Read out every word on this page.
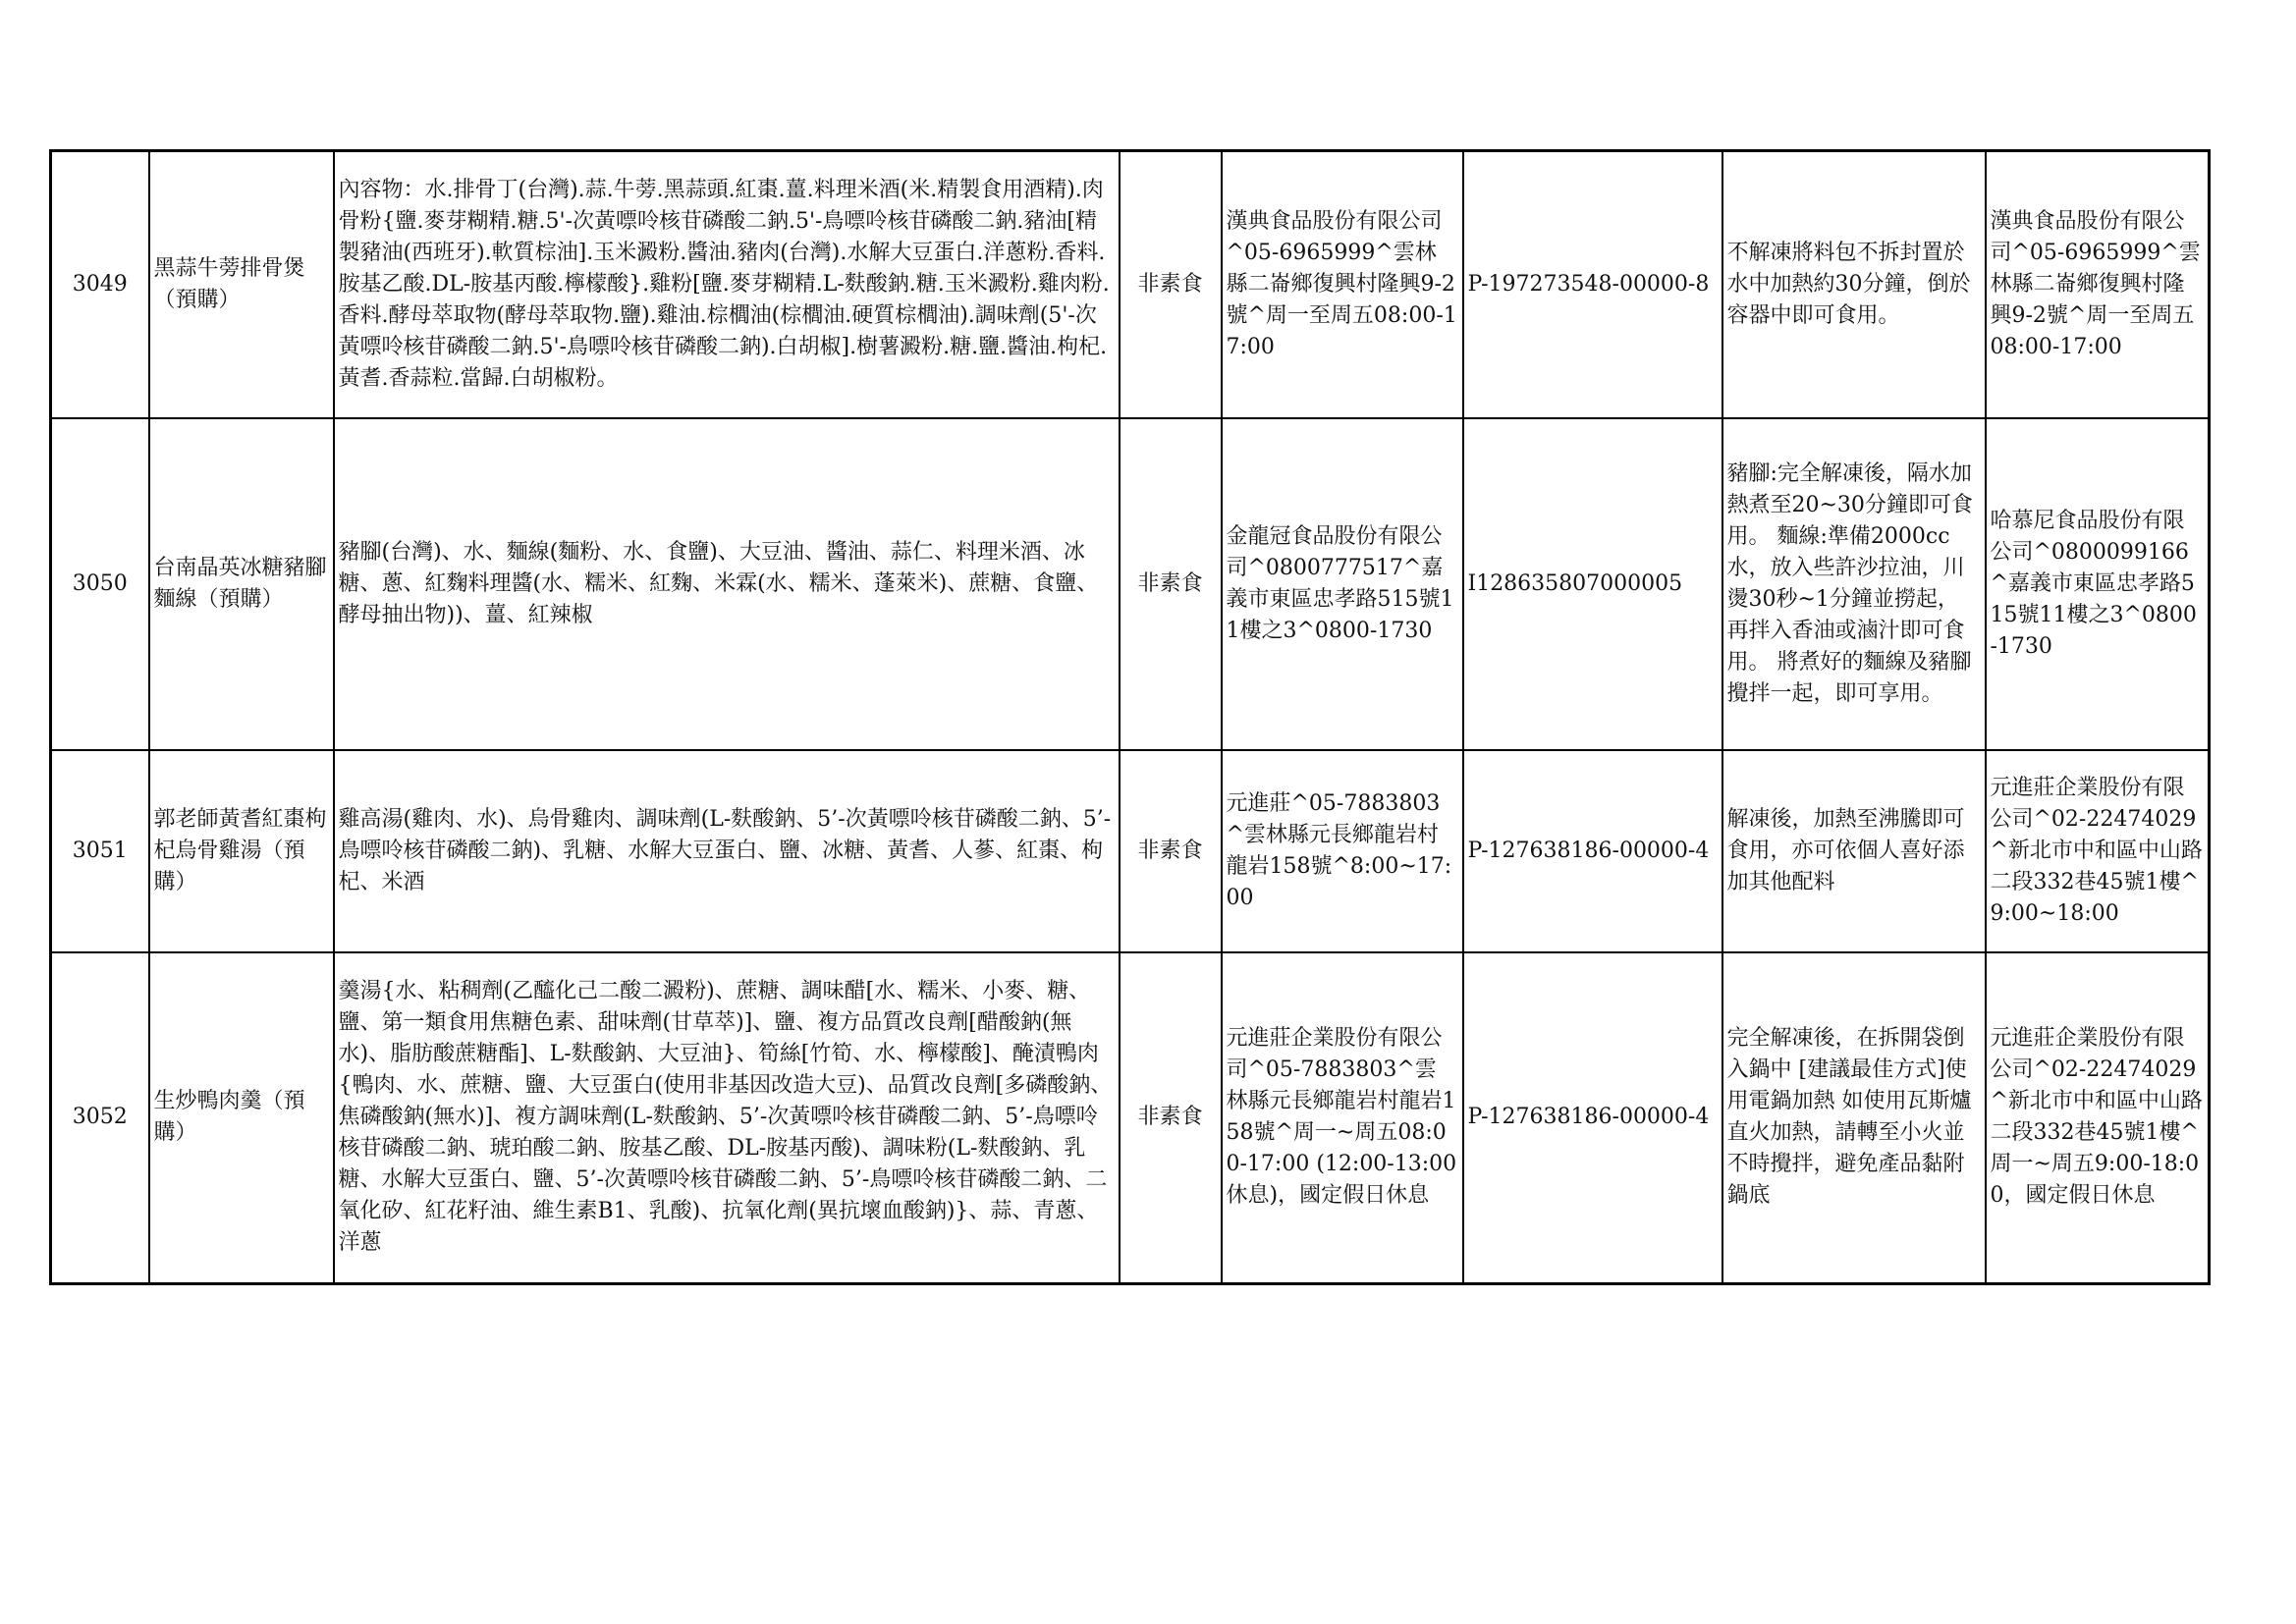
3049	黑蒜牛蒡排骨煲（預購）	內容物：水.排骨丁(台灣).蒜.牛蒡.黑蒜頭.紅棗.薑.料理米酒(米.精製食用酒精).肉骨粉{鹽.麥芽糊精.糖.5'-次黃嘌呤核苷磷酸二鈉.5'-鳥嘌呤核苷磷酸二鈉.豬油[精製豬油(西班牙).軟質棕油].玉米澱粉.醬油.豬肉(台灣).水解大豆蛋白.洋蔥粉.香料.胺基乙酸.DL-胺基丙酸.檸檬酸}.雞粉[鹽.麥芽糊精.L-麩酸鈉.糖.玉米澱粉.雞肉粉.香料.酵母萃取物(酵母萃取物.鹽).雞油.棕櫚油(棕櫚油.硬質棕櫚油).調味劑(5'-次黃嘌呤核苷磷酸二鈉.5'-鳥嘌呤核苷磷酸二鈉).白胡椒].樹薯澱粉.糖.鹽.醬油.枸杞.黃耆.香蒜粒.當歸.白胡椒粉。	非素食	漢典食品股份有限公司^05-6965999^雲林縣二崙鄉復興村隆興9-2號^周一至周五08:00-17:00	P-197273548-00000-8	不解凍將料包不拆封置於水中加熱約30分鐘，倒於容器中即可食用。	漢典食品股份有限公司^05-6965999^雲林縣二崙鄉復興村隆興9-2號^周一至周五 08:00-17:00
3050	台南晶英冰糖豬腳麵線（預購）	豬腳(台灣)、水、麵線(麵粉、水、食鹽)、大豆油、醬油、蒜仁、料理米酒、冰糖、蔥、紅麴料理醬(水、糯米、紅麴、米霖(水、糯米、蓬萊米)、蔗糖、食鹽、酵母抽出物))、薑、紅辣椒	非素食	金龍冠食品股份有限公司^0800777517^嘉義市東區忠孝路515號11樓之3^0800-1730	I128635807000005	豬腳:完全解凍後，隔水加熱煮至20~30分鐘即可食用。 麵線:準備2000cc水，放入些許沙拉油，川燙30秒~1分鐘並撈起，再拌入香油或滷汁即可食用。 將煮好的麵線及豬腳攪拌一起，即可享用。	哈慕尼食品股份有限公司^0800099166^嘉義市東區忠孝路515號11樓之3^0800-1730
3051	郭老師黃耆紅棗枸杞烏骨雞湯（預購）	雞高湯(雞肉、水)、烏骨雞肉、調味劑(L-麩酸鈉、5’-次黃嘌呤核苷磷酸二鈉、5’-鳥嘌呤核苷磷酸二鈉)、乳糖、水解大豆蛋白、鹽、冰糖、黃耆、人蔘、紅棗、枸杞、米酒	非素食	元進莊^05-7883803^雲林縣元長鄉龍岩村龍岩158號^8:00~17:00	P-127638186-00000-4	解凍後，加熱至沸騰即可食用，亦可依個人喜好添加其他配料	元進莊企業股份有限公司^02-22474029^新北市中和區中山路二段332巷45號1樓^9:00~18:00
3052	生炒鴨肉羹（預購）	羹湯{水、粘稠劑(乙醯化己二酸二澱粉)、蔗糖、調味醋[水、糯米、小麥、糖、鹽、第一類食用焦糖色素、甜味劑(甘草萃)]、鹽、複方品質改良劑[醋酸鈉(無水)、脂肪酸蔗糖酯]、L-麩酸鈉、大豆油}、筍絲[竹筍、水、檸檬酸]、醃漬鴨肉{鴨肉、水、蔗糖、鹽、大豆蛋白(使用非基因改造大豆)、品質改良劑[多磷酸鈉、焦磷酸鈉(無水)]、複方調味劑(L-麩酸鈉、5’-次黃嘌呤核苷磷酸二鈉、5’-鳥嘌呤核苷磷酸二鈉、琥珀酸二鈉、胺基乙酸、DL-胺基丙酸)、調味粉(L-麩酸鈉、乳糖、水解大豆蛋白、鹽、5’-次黃嘌呤核苷磷酸二鈉、5’-鳥嘌呤核苷磷酸二鈉、二氧化矽、紅花籽油、維生素B1、乳酸)、抗氧化劑(異抗壞血酸鈉)}、蒜、青蔥、洋蔥	非素食	元進莊企業股份有限公司^05-7883803^雲林縣元長鄉龍岩村龍岩158號^周一~周五08:00-17:00 (12:00-13:00休息)，國定假日休息	P-127638186-00000-4	完全解凍後，在拆開袋倒入鍋中 [建議最佳方式]使用電鍋加熱 如使用瓦斯爐直火加熱，請轉至小火並不時攪拌，避免產品黏附鍋底	元進莊企業股份有限公司^02-22474029^新北市中和區中山路二段332巷45號1樓^周一~周五9:00-18:00，國定假日休息
